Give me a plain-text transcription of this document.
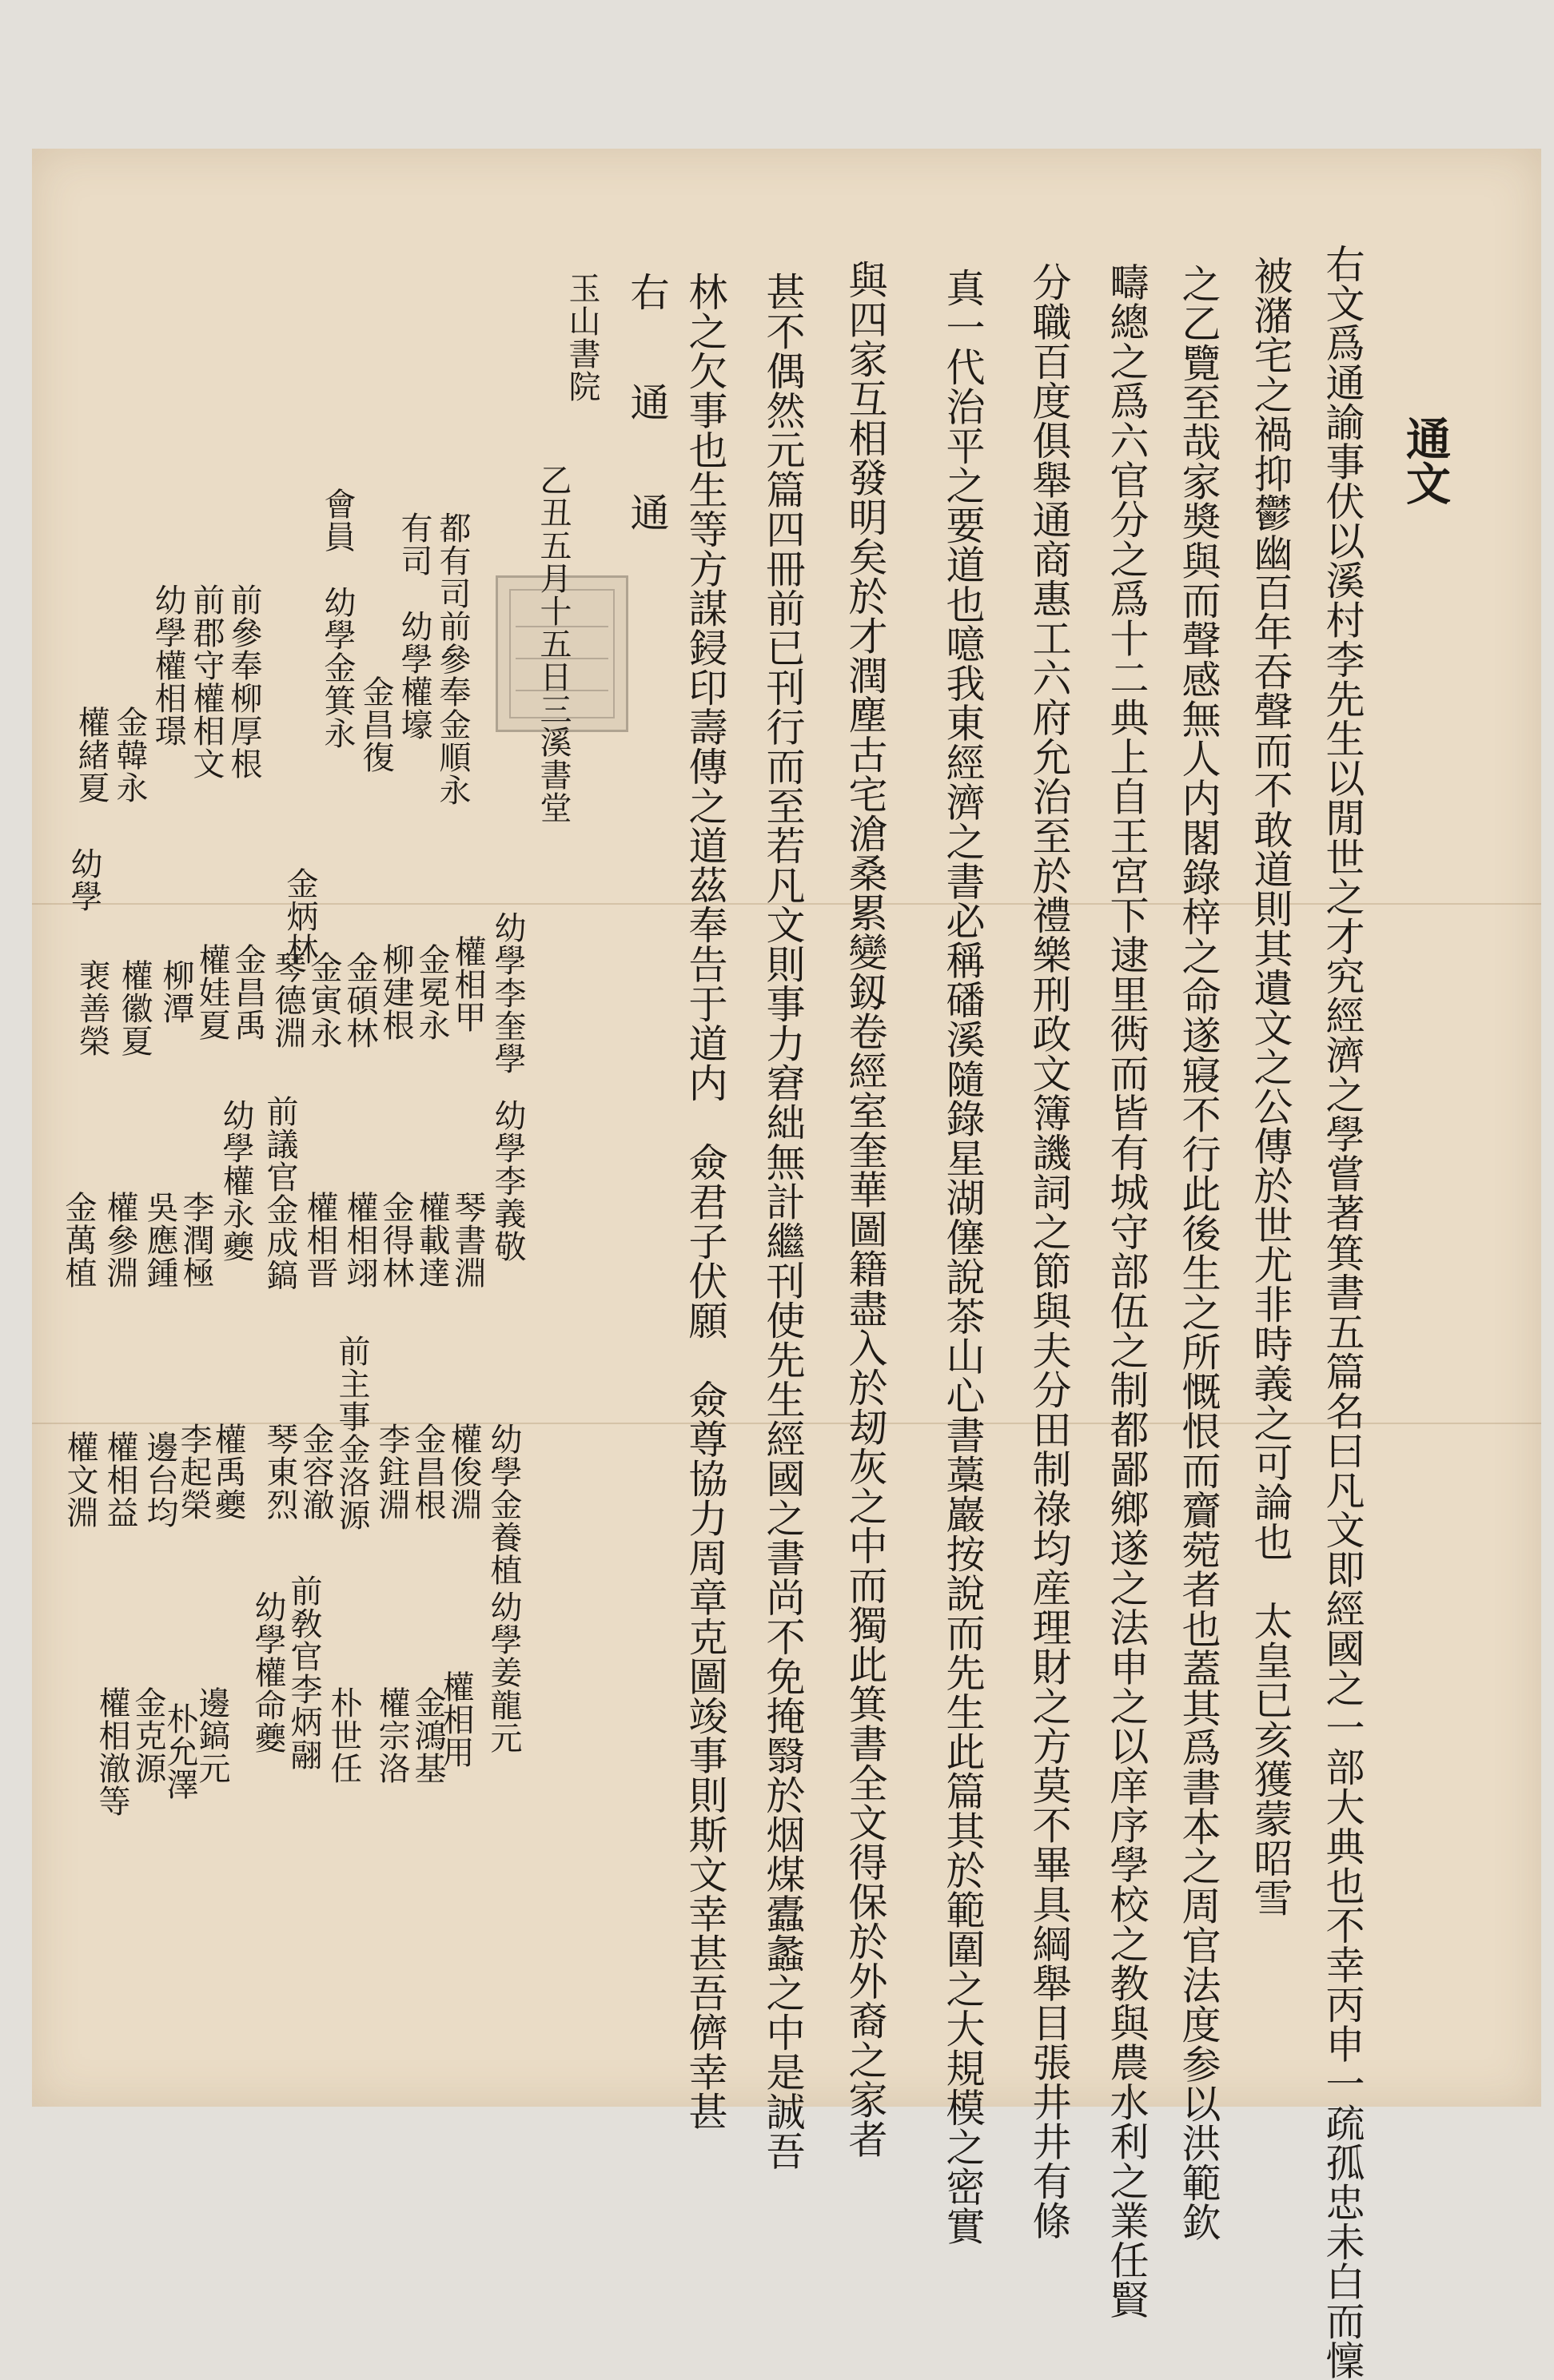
通文
右文爲通諭事伏以溪村李先生以閒世之才究經濟之學嘗著箕書五篇名曰凡文即經國之一部大典也不幸丙申一疏孤忠未白而懍
被潴宅之禍抑鬱幽百年吞聲而不敢道則其遺文之公傳於世尤非時義之可論也　太皇已亥獲蒙昭雪
之乙覽至哉家奬與而聲感無人内閣錄梓之命遂寢不行此後生之所慨恨而齎菀者也蓋其爲書本之周官法度参以洪範欽
疇總之爲六官分之爲十二典上自王宮下逮里衖而皆有城守部伍之制都鄙鄉遂之法申之以庠序學校之教與農水利之業任賢
分職百度俱舉通商惠工六府允治至於禮樂刑政文簿譏詞之節與夫分田制祿均産理財之方莫不畢具綱舉目張井井有條
真一代治平之要道也噫我東經濟之書必稱磻溪隨錄星湖僿說茶山心書藁巖按說而先生此篇其於範圍之大規模之密實
與四家互相發明矣於才潤塵古宅滄桑累變釼卷經室奎華圖籍盡入於刼灰之中而獨此箕書全文得保於外裔之家者
甚不偶然元篇四冊前已刊行而至若凡文則事力窘絀無計繼刊使先生經國之書尚不免掩翳於烟煤蠹蠡之中是誠吾
林之欠事也生等方謀鋟印壽傳之道茲奉告于道内　僉君子伏願　僉尊協力周章克圖竣事則斯文幸甚吾儕幸甚
右　通　通
乙丑五月十五日三溪書堂
玉山書院
都有司前參奉金順永
有司　幼學權壕
　　　　　金昌復
會員　幼學金箕永
　　　　　金炳林
前參奉柳厚根
前郡守權相文
幼學權相璟
　　　金韓永
　　　權緒夏
幼學姜龍元
權相用
金鴻基
權宗洛
朴世任
前敎官李炳翮
幼學權命夔
邊鎬元
朴允澤
金克源
權相澈等
幼學金養植
權俊淵
金昌根
李鉒淵
前主事金洛源
金容澈
琴東烈
權禹夔
李起榮
邊台均
權相益
權文淵
幼學李義敬
琴書淵
權載達
金得林
權相翊
權相晋
前議官金成鎬
幼學權永夔
李潤極
吳應鍾
權參淵
金萬植
幼學李奎學
權相甲
金冕永
柳建根
金碩林
金寅永
琴德淵
金昌禹
權娃夏
柳潭
權徽夏
裵善榮
幼學
